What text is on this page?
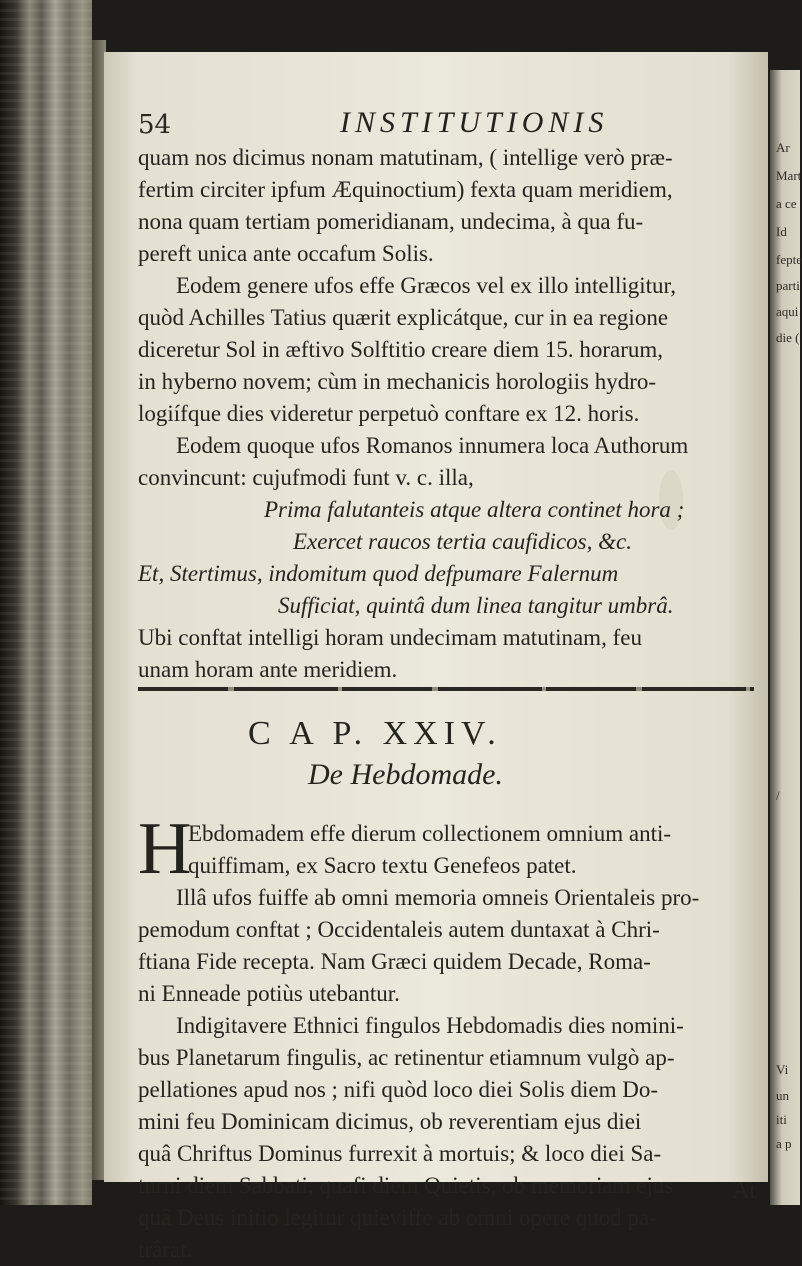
54	INSTITUTIONIS
quam nos dicimus nonam matutinam, ( intellige verò præ-
fertim circiter ipfum Æquinoctium) fexta quam meridiem,
nona quam tertiam pomeridianam, undecima, à qua fu-
pereft unica ante occafum Solis.
Eodem genere ufos effe Græcos vel ex illo intelligitur,
quòd Achilles Tatius quærit explicátque, cur in ea regione
diceretur Sol in æftivo Solftitio creare diem 15. horarum,
in hyberno novem; cùm in mechanicis horologiis hydro-
logiífque dies videretur perpetuò conftare ex 12. horis.
Eodem quoque ufos Romanos innumera loca Authorum
convincunt: cujufmodi funt v. c. illa,
Prima falutanteis atque altera continet hora ;
Exercet raucos tertia caufidicos, &c.
Et, Stertimus, indomitum quod defpumare Falernum
Sufficiat, quintâ dum linea tangitur umbrâ.
Ubi conftat intelligi horam undecimam matutinam, feu
unam horam ante meridiem.
C A P. XXIV.
De Hebdomade.
H
Ebdomadem effe dierum collectionem omnium anti-
quiffimam, ex Sacro textu Genefeos patet.
Illâ ufos fuiffe ab omni memoria omneis Orientaleis pro-
pemodum conftat ; Occidentaleis autem duntaxat à Chri-
ftiana Fide recepta. Nam Græci quidem Decade, Roma-
ni Enneade potiùs utebantur.
Indigitavere Ethnici fingulos Hebdomadis dies nomini-
bus Planetarum fingulis, ac retinentur etiamnum vulgò ap-
pellationes apud nos ; nifi quòd loco diei Solis diem Do-
mini feu Dominicam dicimus, ob reverentiam ejus diei
quâ Chriftus Dominus furrexit à mortuis; & loco diei Sa-
turni diem Sabbati, quafi diem Quietis, ob memoriam ejus
quâ Deus initio legitur quieviffe ab omni opere quod pa-
trârat.
At
Ar
Mart
a ce
Id
fepte
parti
aqui
die (
/
Vi
un
iti
a p
